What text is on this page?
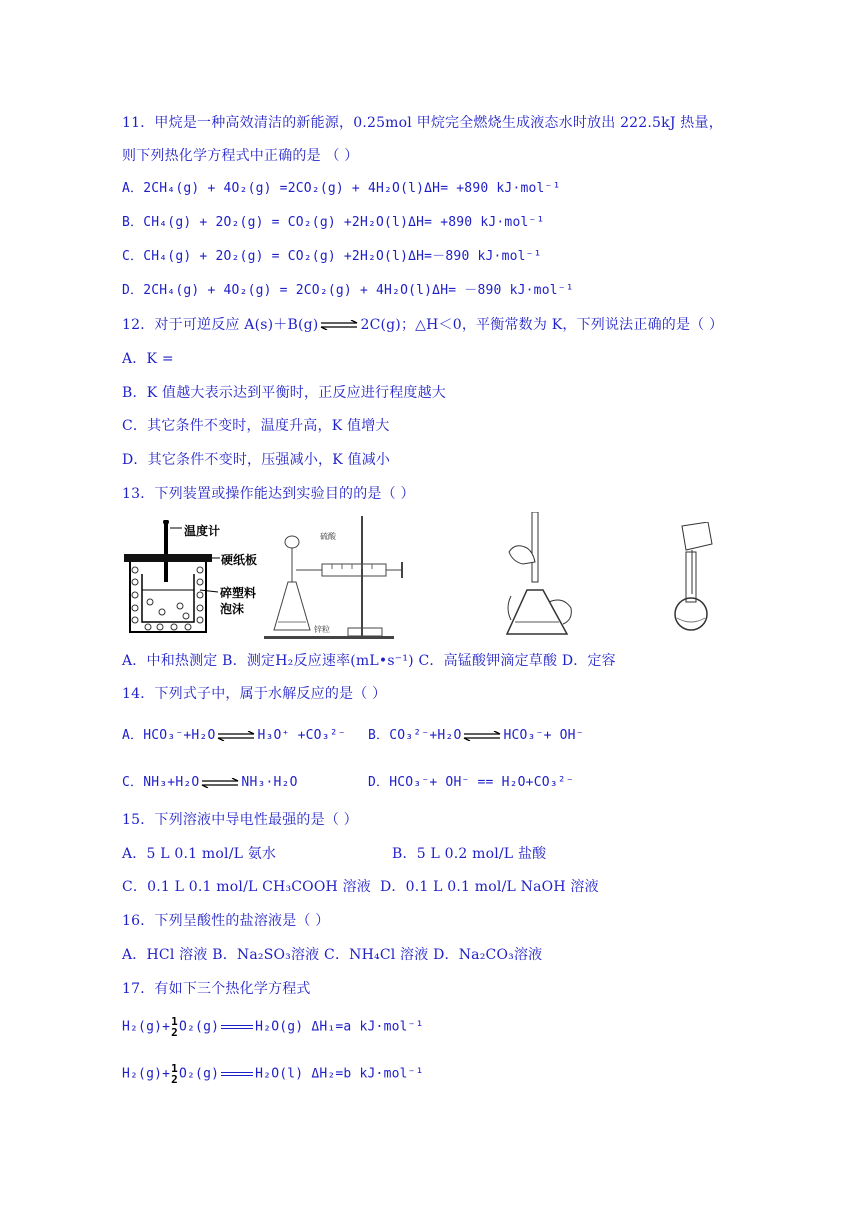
11．甲烷是一种高效清洁的新能源，0.25mol 甲烷完全燃烧生成液态水时放出 222.5kJ 热量，
则下列热化学方程式中正确的是 （ ）
A．2CH₄(g) + 4O₂(g) =2CO₂(g) + 4H₂O(l)ΔH= +890 kJ·mol⁻¹
B．CH₄(g) + 2O₂(g) = CO₂(g) +2H₂O(l)ΔH= +890 kJ·mol⁻¹
C．CH₄(g) + 2O₂(g) = CO₂(g) +2H₂O(l)ΔH=－890 kJ·mol⁻¹
D．2CH₄(g) + 4O₂(g) = 2CO₂(g) + 4H₂O(l)ΔH= －890 kJ·mol⁻¹
12．对于可逆反应 A(s)＋B(g)⇌2C(g)；△H＜0，平衡常数为 K，下列说法正确的是（ ）
A．K =
B．K 值越大表示达到平衡时，正反应进行程度越大
C．其它条件不变时，温度升高，K 值增大
D．其它条件不变时，压强减小，K 值减小
13．下列装置或操作能达到实验目的的是（ ）
温度计
硬纸板
碎塑料
泡沫
硫酸
锌粒
A．中和热测定 B．测定H₂反应速率(mL•s⁻¹) C．高锰酸钾滴定草酸 D．定容
14．下列式子中，属于水解反应的是（ ）
A．HCO₃⁻+H₂O⇌H₃O⁺ +CO₃²⁻ B．CO₃²⁻+H₂O⇌HCO₃⁻+ OH⁻
C．NH₃+H₂O⇌NH₃·H₂O	D．HCO₃⁻+ OH⁻ == H₂O+CO₃²⁻
15．下列溶液中导电性最强的是（ ）
A．5 L 0.1 mol/L 氨水	B．5 L 0.2 mol/L 盐酸
C．0.1 L 0.1 mol/L CH₃COOH 溶液 D．0.1 L 0.1 mol/L NaOH 溶液
16．下列呈酸性的盐溶液是（ ）
A．HCl 溶液 B．Na₂SO₃溶液 C．NH₄Cl 溶液 D．Na₂CO₃溶液
17．有如下三个热化学方程式
H₂(g)+ 1
2 O₂(g)	H₂O(g) ΔH₁=a kJ·mol⁻¹
H₂(g)+ 1
2 O₂(g)	H₂O(l) ΔH₂=b kJ·mol⁻¹
